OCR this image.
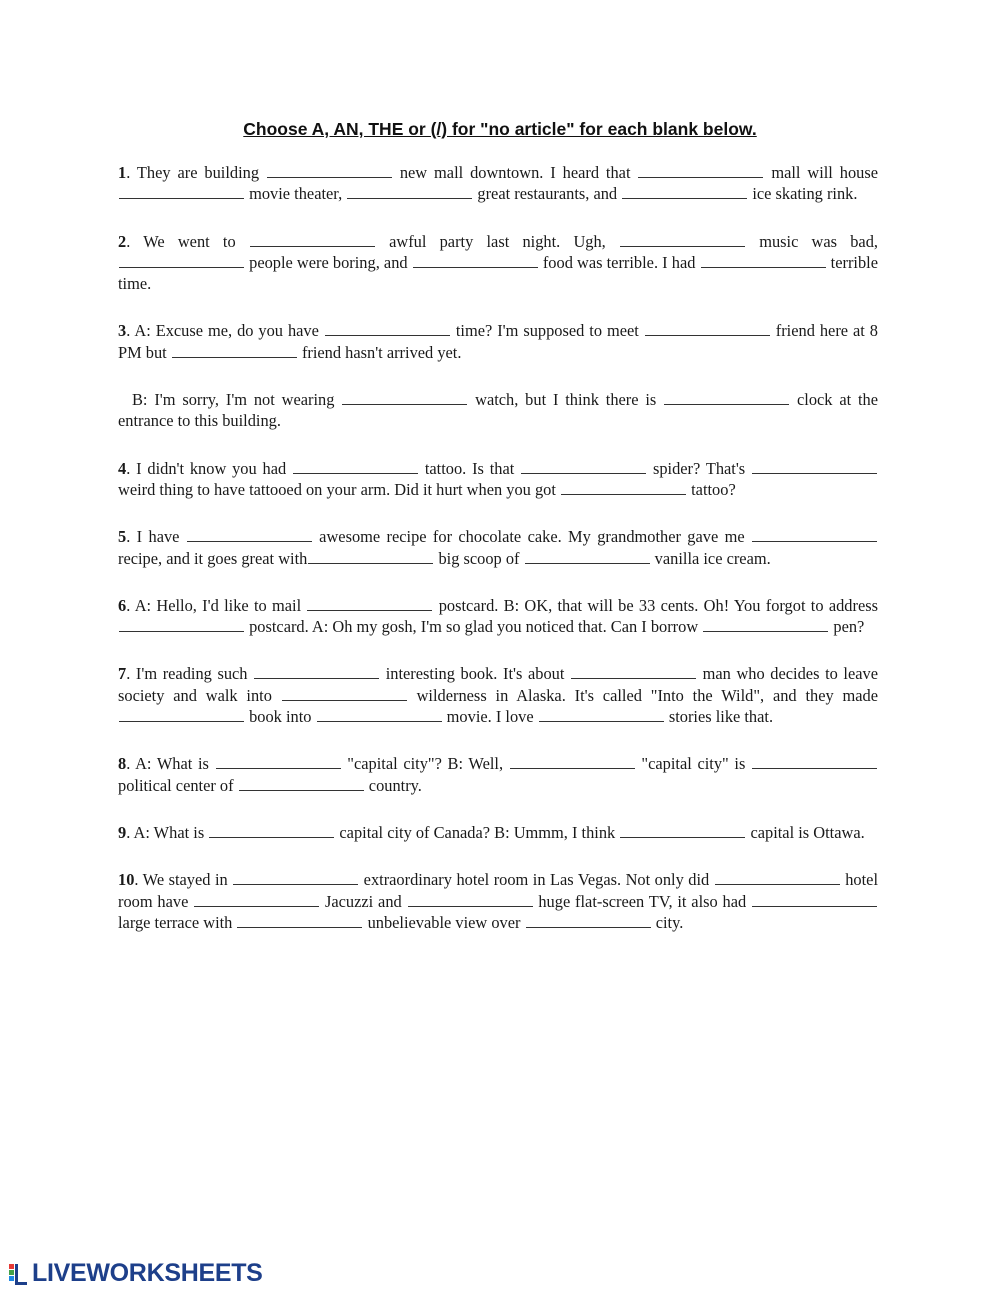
Choose A, AN, THE or (/) for "no article" for each blank below.

1. They are building	new mall downtown. I heard that	mall will house  movie theater,	great restaurants, and	ice skating rink.

2. We went to	awful party last night. Ugh,	music was bad,  people were boring, and	food was terrible. I had	terrible time.

3. A: Excuse me, do you have	time? I'm supposed to meet	friend here at 8 PM but	friend hasn't arrived yet.

B: I'm sorry, I'm not wearing	watch, but I think there is	clock at the entrance to this building.

4. I didn't know you had	tattoo. Is that	spider? That's  weird thing to have tattooed on your arm. Did it hurt when you got	tattoo?

5. I have	awesome recipe for chocolate cake. My grandmother gave me  recipe, and it goes great with	big scoop of	vanilla ice cream.

6. A: Hello, I'd like to mail	postcard. B: OK, that will be 33 cents. Oh! You forgot to address  postcard. A: Oh my gosh, I'm so glad you noticed that. Can I borrow	pen?

7. I'm reading such	interesting book. It's about	man who decides to leave society and walk into	wilderness in Alaska. It's called "Into the Wild", and they made  book into	movie. I love	stories like that.

8. A: What is	"capital city"? B: Well,	"capital city" is  political center of	country.

9. A: What is	capital city of Canada? B: Ummm, I think	capital is Ottawa.

10. We stayed in	extraordinary hotel room in Las Vegas. Not only did	hotel room have	Jacuzzi and	huge flat-screen TV, it also had  large terrace with	unbelievable view over	city.

LIVEWORKSHEETS
